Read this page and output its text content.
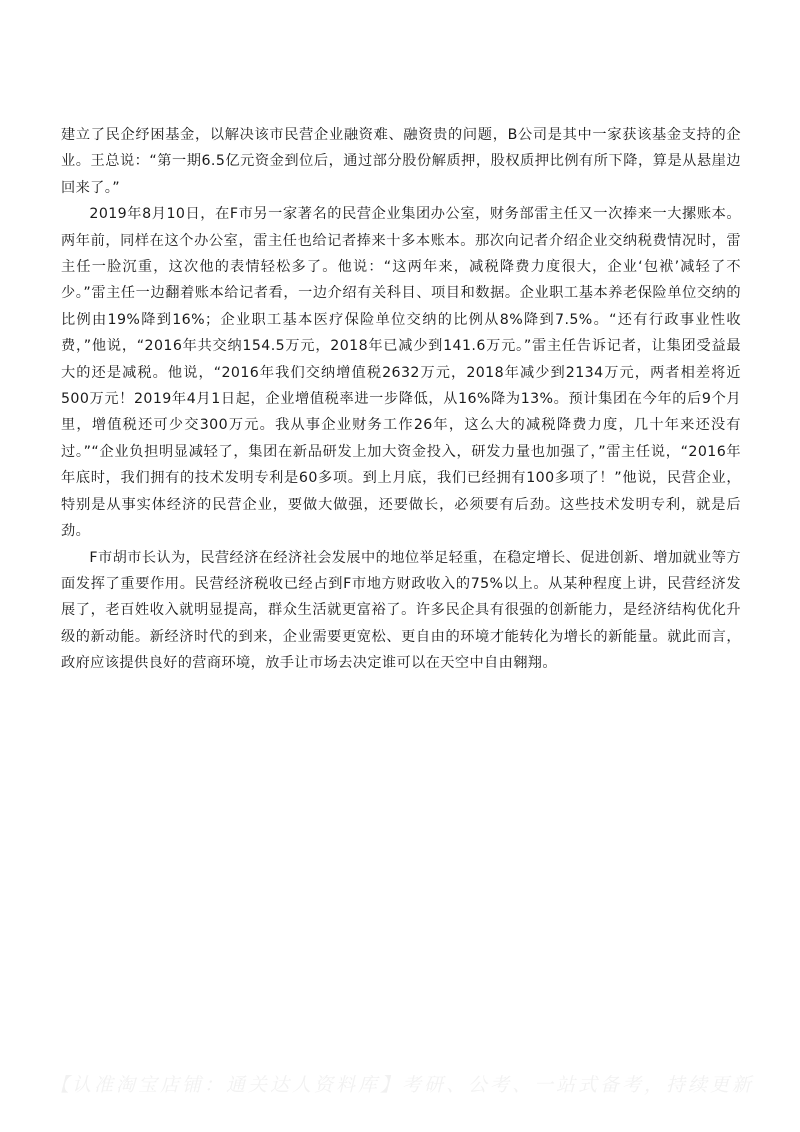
建立了民企纾困基金，以解决该市民营企业融资难、融资贵的问题，B公司是其中一家获该基金支持的企业。王总说：“第一期6.5亿元资金到位后，通过部分股份解质押，股权质押比例有所下降，算是从悬崖边回来了。”

2019年8月10日，在F市另一家著名的民营企业集团办公室，财务部雷主任又一次捧来一大摞账本。两年前，同样在这个办公室，雷主任也给记者捧来十多本账本。那次向记者介绍企业交纳税费情况时，雷主任一脸沉重，这次他的表情轻松多了。他说：“这两年来，减税降费力度很大，企业‘包袱’减轻了不少。”雷主任一边翻着账本给记者看，一边介绍有关科目、项目和数据。企业职工基本养老保险单位交纳的比例由19%降到16%；企业职工基本医疗保险单位交纳的比例从8%降到7.5%。“还有行政事业性收费，”他说，“2016年共交纳154.5万元，2018年已减少到141.6万元。”雷主任告诉记者，让集团受益最大的还是减税。他说，“2016年我们交纳增值税2632万元，2018年减少到2134万元，两者相差将近500万元！2019年4月1日起，企业增值税率进一步降低，从16%降为13%。预计集团在今年的后9个月里，增值税还可少交300万元。我从事企业财务工作26年，这么大的减税降费力度，几十年来还没有过。”“企业负担明显减轻了，集团在新品研发上加大资金投入，研发力量也加强了，”雷主任说，“2016年年底时，我们拥有的技术发明专利是60多项。到上月底，我们已经拥有100多项了！”他说，民营企业，特别是从事实体经济的民营企业，要做大做强，还要做长，必须要有后劲。这些技术发明专利，就是后劲。

F市胡市长认为，民营经济在经济社会发展中的地位举足轻重，在稳定增长、促进创新、增加就业等方面发挥了重要作用。民营经济税收已经占到F市地方财政收入的75%以上。从某种程度上讲，民营经济发展了，老百姓收入就明显提高，群众生活就更富裕了。许多民企具有很强的创新能力，是经济结构优化升级的新动能。新经济时代的到来，企业需要更宽松、更自由的环境才能转化为增长的新能量。就此而言，政府应该提供良好的营商环境，放手让市场去决定谁可以在天空中自由翱翔。

【认准淘宝店铺：通关达人资料库】考研、公考、一站式备考，持续更新
